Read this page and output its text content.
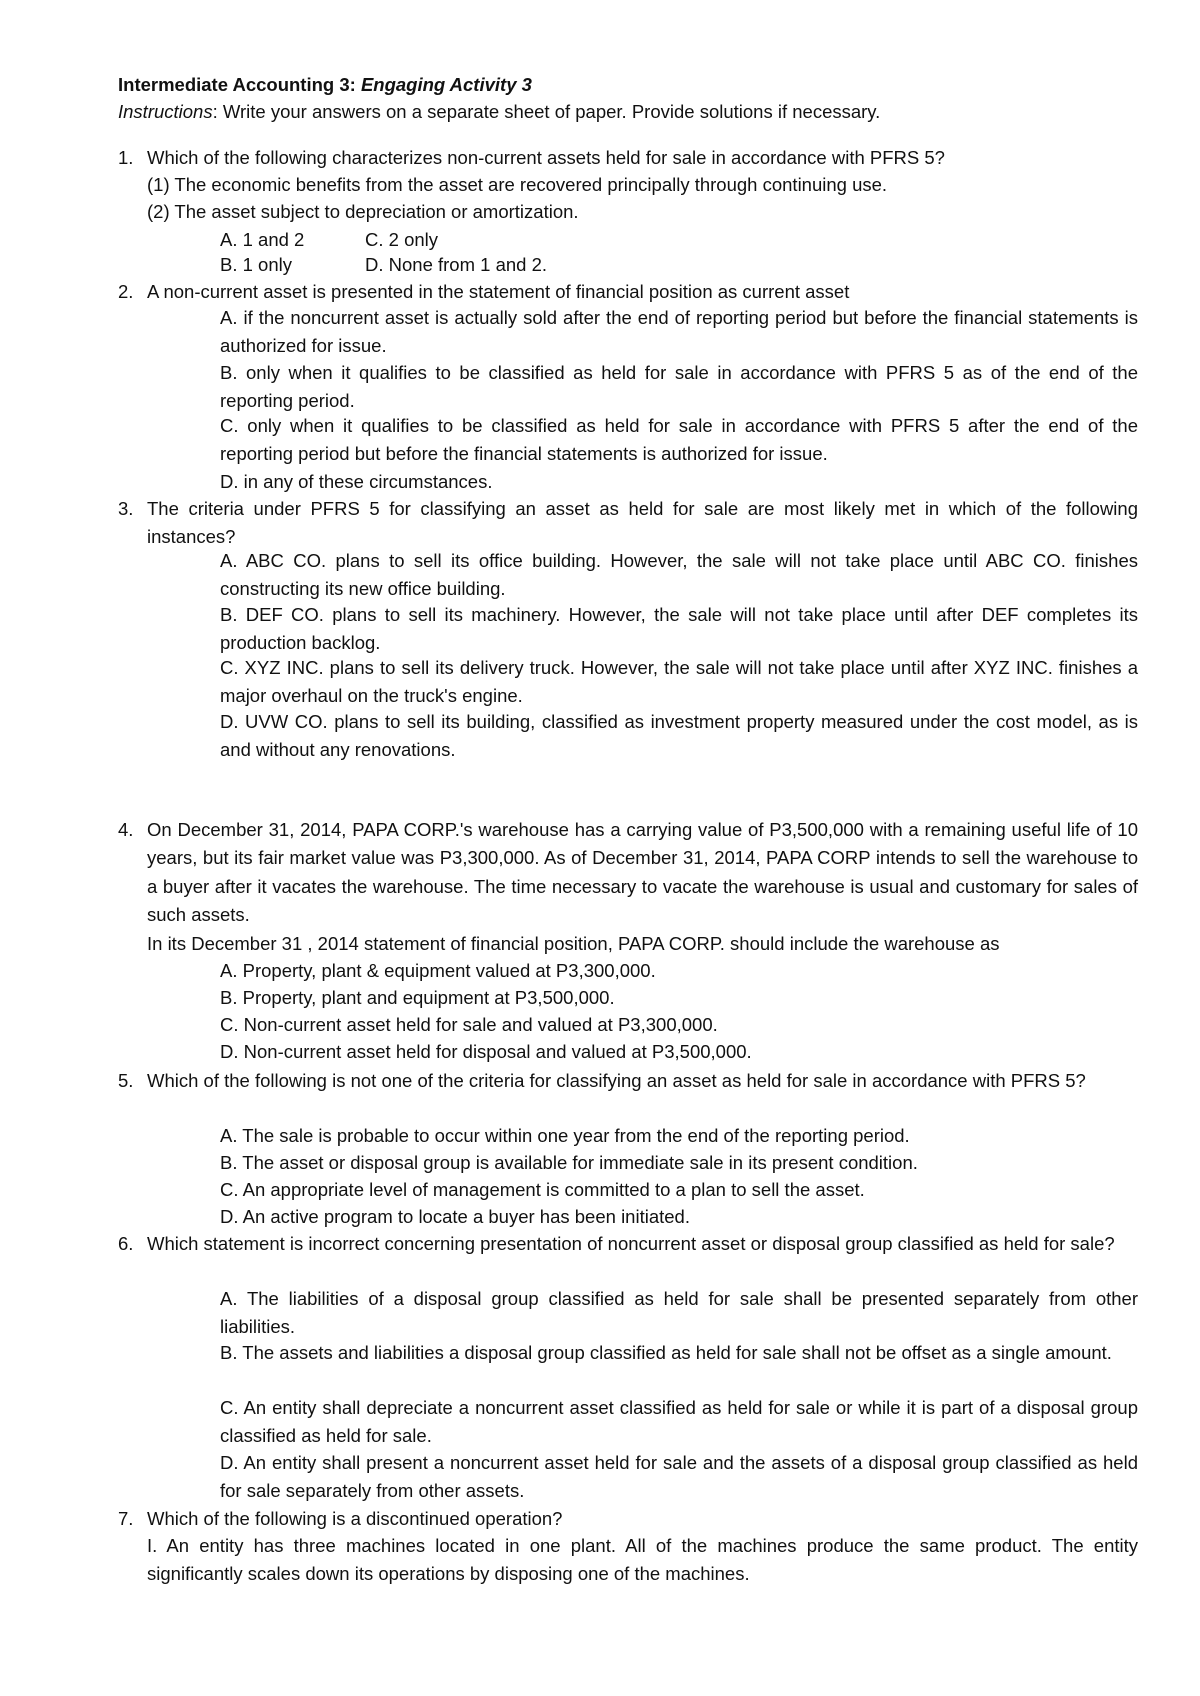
Intermediate Accounting 3: Engaging Activity 3
Instructions: Write your answers on a separate sheet of paper. Provide solutions if necessary.
1. Which of the following characterizes non-current assets held for sale in accordance with PFRS 5?
(1) The economic benefits from the asset are recovered principally through continuing use.
(2) The asset subject to depreciation or amortization.
A. 1 and 2	C. 2 only
B. 1 only	D. None from 1 and 2.
2. A non-current asset is presented in the statement of financial position as current asset
A. if the noncurrent asset is actually sold after the end of reporting period but before the financial statements is authorized for issue.
B. only when it qualifies to be classified as held for sale in accordance with PFRS 5 as of the end of the reporting period.
C. only when it qualifies to be classified as held for sale in accordance with PFRS 5 after the end of the reporting period but before the financial statements is authorized for issue.
D. in any of these circumstances.
3. The criteria under PFRS 5 for classifying an asset as held for sale are most likely met in which of the following instances?
A. ABC CO. plans to sell its office building. However, the sale will not take place until ABC CO. finishes constructing its new office building.
B. DEF CO. plans to sell its machinery. However, the sale will not take place until after DEF completes its production backlog.
C. XYZ INC. plans to sell its delivery truck. However, the sale will not take place until after XYZ INC. finishes a major overhaul on the truck's engine.
D. UVW CO. plans to sell its building, classified as investment property measured under the cost model, as is and without any renovations.
4. On December 31, 2014, PAPA CORP.'s warehouse has a carrying value of P3,500,000 with a remaining useful life of 10 years, but its fair market value was P3,300,000. As of December 31, 2014, PAPA CORP intends to sell the warehouse to a buyer after it vacates the warehouse. The time necessary to vacate the warehouse is usual and customary for sales of such assets.
In its December 31 , 2014 statement of financial position, PAPA CORP. should include the warehouse as
A. Property, plant & equipment valued at P3,300,000.
B. Property, plant and equipment at P3,500,000.
C. Non-current asset held for sale and valued at P3,300,000.
D. Non-current asset held for disposal and valued at P3,500,000.
5. Which of the following is not one of the criteria for classifying an asset as held for sale in accordance with PFRS 5?
A. The sale is probable to occur within one year from the end of the reporting period.
B. The asset or disposal group is available for immediate sale in its present condition.
C. An appropriate level of management is committed to a plan to sell the asset.
D. An active program to locate a buyer has been initiated.
6. Which statement is incorrect concerning presentation of noncurrent asset or disposal group classified as held for sale?
A. The liabilities of a disposal group classified as held for sale shall be presented separately from other liabilities.
B. The assets and liabilities a disposal group classified as held for sale shall not be offset as a single amount.
C. An entity shall depreciate a noncurrent asset classified as held for sale or while it is part of a disposal group classified as held for sale.
D. An entity shall present a noncurrent asset held for sale and the assets of a disposal group classified as held for sale separately from other assets.
7. Which of the following is a discontinued operation?
I. An entity has three machines located in one plant. All of the machines produce the same product. The entity significantly scales down its operations by disposing one of the machines.
